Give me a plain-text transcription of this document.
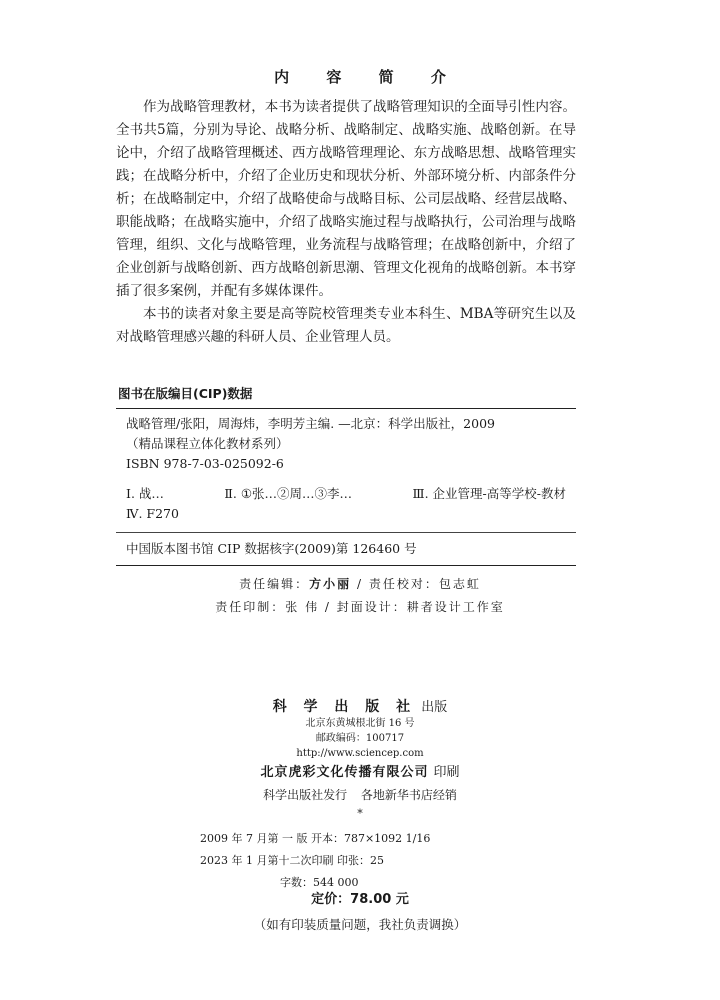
内 容 简 介

作为战略管理教材，本书为读者提供了战略管理知识的全面导引性内容。全书共5篇，分别为导论、战略分析、战略制定、战略实施、战略创新。在导论中，介绍了战略管理概述、西方战略管理理论、东方战略思想、战略管理实践；在战略分析中，介绍了企业历史和现状分析、外部环境分析、内部条件分析；在战略制定中，介绍了战略使命与战略目标、公司层战略、经营层战略、职能战略；在战略实施中，介绍了战略实施过程与战略执行，公司治理与战略管理，组织、文化与战略管理，业务流程与战略管理；在战略创新中，介绍了企业创新与战略创新、西方战略创新思潮、管理文化视角的战略创新。本书穿插了很多案例，并配有多媒体课件。

本书的读者对象主要是高等院校管理类专业本科生、MBA等研究生以及对战略管理感兴趣的科研人员、企业管理人员。

图书在版编目(CIP)数据
战略管理/张阳，周海炜，李明芳主编. —北京：科学出版社，2009
（精品课程立体化教材系列）
ISBN 978-7-03-025092-6
Ⅰ. 战…	Ⅱ. ①张…②周…③李…	Ⅲ. 企业管理-高等学校-教材
Ⅳ. F270
中国版本图书馆 CIP 数据核字(2009)第 126460 号
责任编辑：方小丽 / 责任校对：包志虹
责任印制：张 伟 / 封面设计：耕者设计工作室
科 学 出 版 社 出版
北京东黄城根北街 16 号
邮政编码：100717
http://www.sciencep.com
北京虎彩文化传播有限公司 印刷
科学出版社发行 各地新华书店经销
*
2009 年 7 月第 一 版 开本：787×1092 1/16
2023 年 1 月第十二次印刷 印张：25
字数：544 000
定价：78.00 元
（如有印装质量问题，我社负责调换）
